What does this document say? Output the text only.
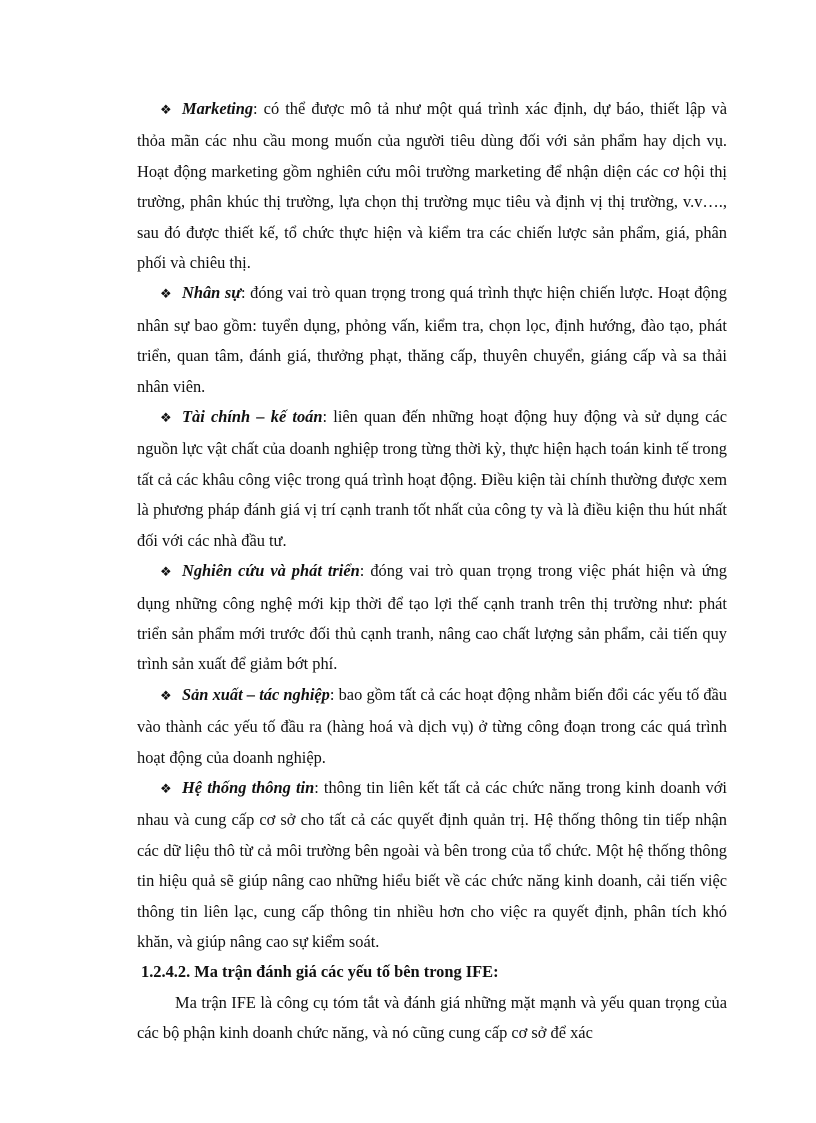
❖ Marketing: có thể được mô tả như một quá trình xác định, dự báo, thiết lập và thỏa mãn các nhu cầu mong muốn của người tiêu dùng đối với sản phẩm hay dịch vụ. Hoạt động marketing gồm nghiên cứu môi trường marketing để nhận diện các cơ hội thị trường, phân khúc thị trường, lựa chọn thị trường mục tiêu và định vị thị trường, v.v…., sau đó được thiết kế, tổ chức thực hiện và kiểm tra các chiến lược sản phẩm, giá, phân phối và chiêu thị.

❖ Nhân sự: đóng vai trò quan trọng trong quá trình thực hiện chiến lược. Hoạt động nhân sự bao gồm: tuyển dụng, phỏng vấn, kiểm tra, chọn lọc, định hướng, đào tạo, phát triển, quan tâm, đánh giá, thưởng phạt, thăng cấp, thuyên chuyển, giáng cấp và sa thải nhân viên.

❖ Tài chính – kế toán: liên quan đến những hoạt động huy động và sử dụng các nguồn lực vật chất của doanh nghiệp trong từng thời kỳ, thực hiện hạch toán kinh tế trong tất cả các khâu công việc trong quá trình hoạt động. Điều kiện tài chính thường được xem là phương pháp đánh giá vị trí cạnh tranh tốt nhất của công ty và là điều kiện thu hút nhất đối với các nhà đầu tư.

❖ Nghiên cứu và phát triển: đóng vai trò quan trọng trong việc phát hiện và ứng dụng những công nghệ mới kịp thời để tạo lợi thế cạnh tranh trên thị trường như: phát triển sản phẩm mới trước đối thủ cạnh tranh, nâng cao chất lượng sản phẩm, cải tiến quy trình sản xuất để giảm bớt phí.

❖ Sản xuất – tác nghiệp: bao gồm tất cả các hoạt động nhằm biến đổi các yếu tố đầu vào thành các yếu tố đầu ra (hàng hoá và dịch vụ) ở từng công đoạn trong các quá trình hoạt động của doanh nghiệp.

❖ Hệ thống thông tin: thông tin liên kết tất cả các chức năng trong kinh doanh với nhau và cung cấp cơ sở cho tất cả các quyết định quản trị. Hệ thống thông tin tiếp nhận các dữ liệu thô từ cả môi trường bên ngoài và bên trong của tổ chức. Một hệ thống thông tin hiệu quả sẽ giúp nâng cao những hiểu biết về các chức năng kinh doanh, cải tiến việc thông tin liên lạc, cung cấp thông tin nhiều hơn cho việc ra quyết định, phân tích khó khăn, và giúp nâng cao sự kiểm soát.

1.2.4.2. Ma trận đánh giá các yếu tố bên trong IFE:

Ma trận IFE là công cụ tóm tắt và đánh giá những mặt mạnh và yếu quan trọng của các bộ phận kinh doanh chức năng, và nó cũng cung cấp cơ sở để xác
